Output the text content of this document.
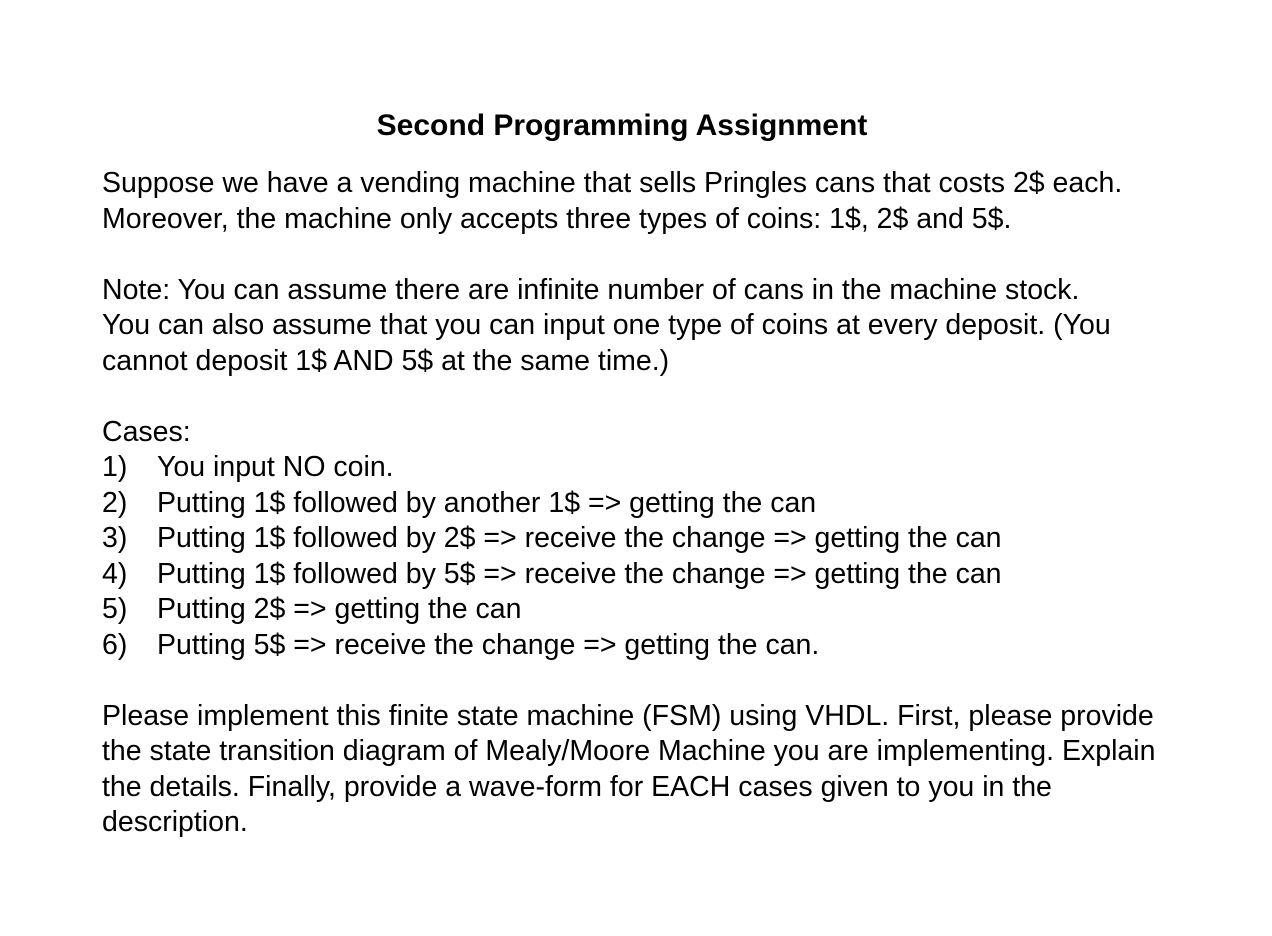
Second Programming Assignment

Suppose we have a vending machine that sells Pringles cans that costs 2$ each. Moreover, the machine only accepts three types of coins: 1$, 2$ and 5$.

Note: You can assume there are infinite number of cans in the machine stock.

You can also assume that you can input one type of coins at every deposit. (You cannot deposit 1$ AND 5$ at the same time.)

Cases:

1)	You input NO coin.
2)	Putting 1$ followed by another 1$ => getting the can
3)	Putting 1$ followed by 2$ => receive the change => getting the can
4)	Putting 1$ followed by 5$ => receive the change => getting the can
5)	Putting 2$ => getting the can
6)	Putting 5$ => receive the change => getting the can.

Please implement this finite state machine (FSM) using VHDL. First, please provide the state transition diagram of Mealy/Moore Machine you are implementing. Explain the details. Finally, provide a wave-form for EACH cases given to you in the description.
